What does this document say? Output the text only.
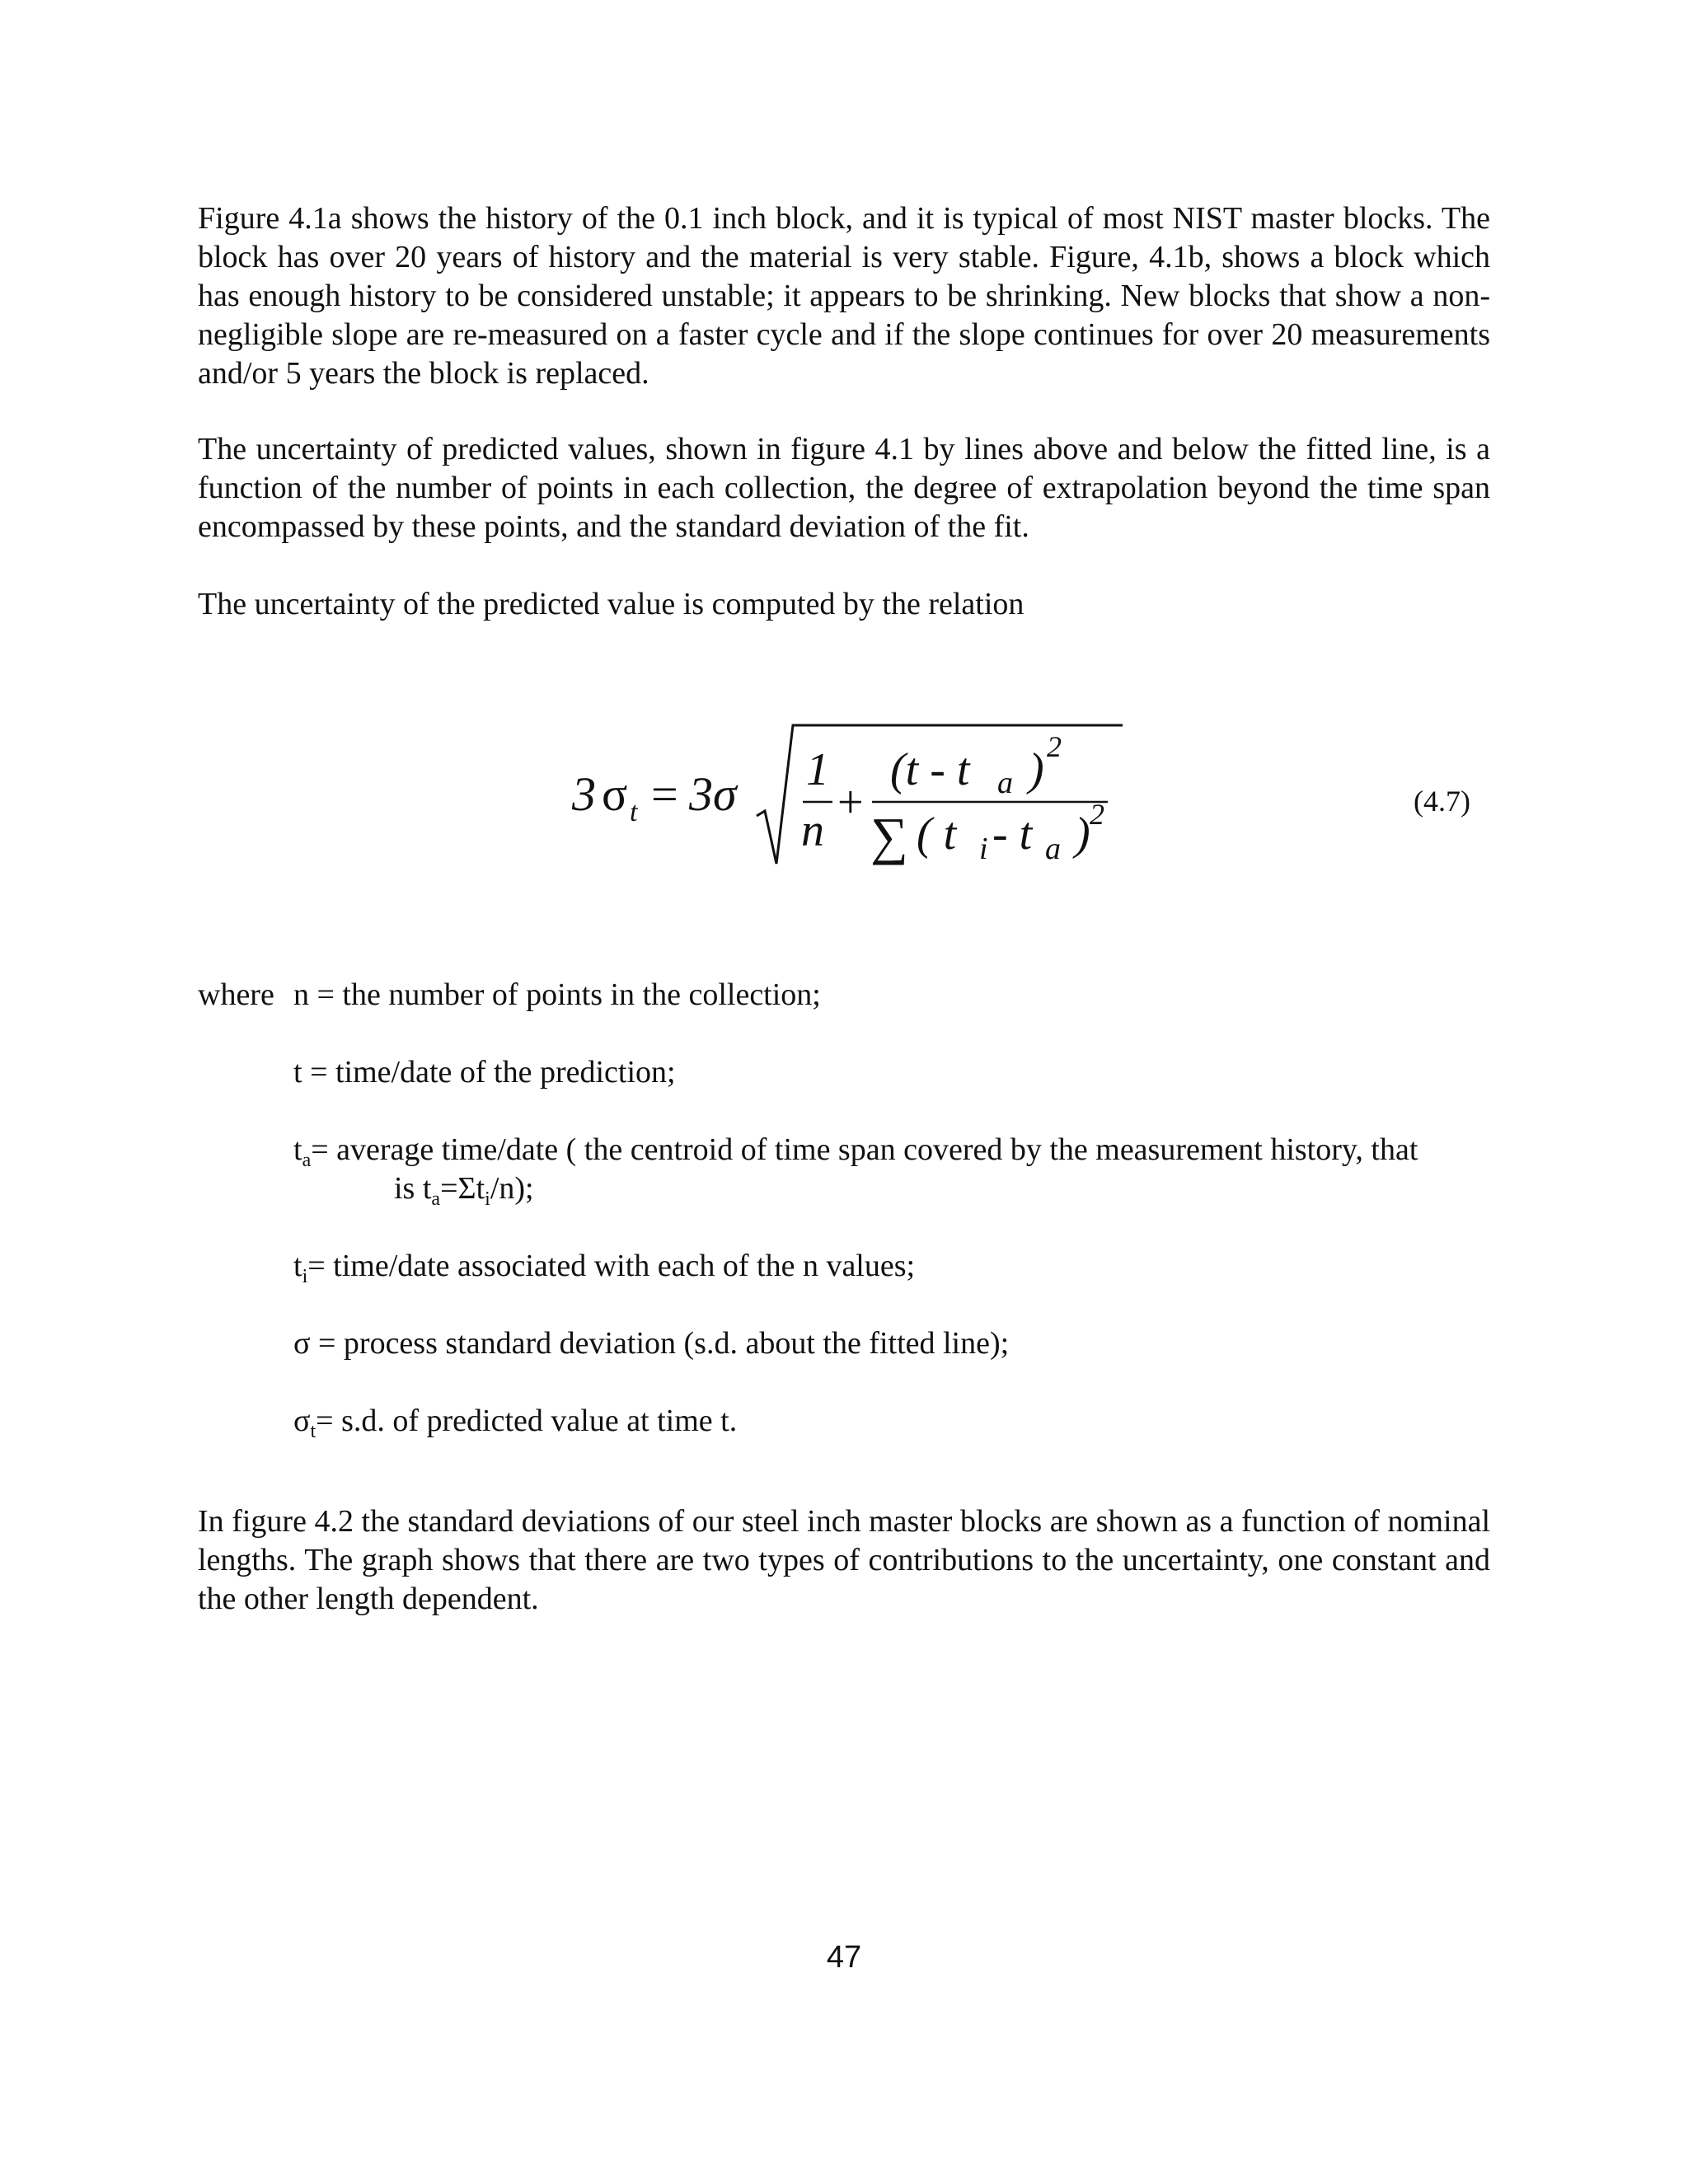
Figure 4.1a shows the history of the 0.1 inch block, and it is typical of most NIST master blocks. The block has over 20 years of history and the material is very stable. Figure, 4.1b, shows a block which has enough history to be considered unstable; it appears to be shrinking. New blocks that show a non-negligible slope are re-measured on a faster cycle and if the slope continues for over 20 measurements and/or 5 years the block is replaced.

The uncertainty of predicted values, shown in figure 4.1 by lines above and below the fitted line, is a function of the number of points in each collection, the degree of extrapolation beyond the time span encompassed by these points, and the standard deviation of the fit.

The uncertainty of the predicted value is computed by the relation

3 σ t = 3σ 1
n
+
(t - t a ) 2
∑ ( t i - t a ) 2	(4.7)
where n = the number of points in the collection;

t = time/date of the prediction;

$t_a=$ average time/date ( the centroid of time span covered by the measurement history, that

is $t_a=\Sigma t_i/n$);

$t_i=$ time/date associated with each of the n values;

σ = process standard deviation (s.d. about the fitted line);

$\sigma_t= s.d$. of predicted value at time t.

In figure 4.2 the standard deviations of our steel inch master blocks are shown as a function of nominal lengths. The graph shows that there are two types of contributions to the uncertainty, one constant and the other length dependent.

47
